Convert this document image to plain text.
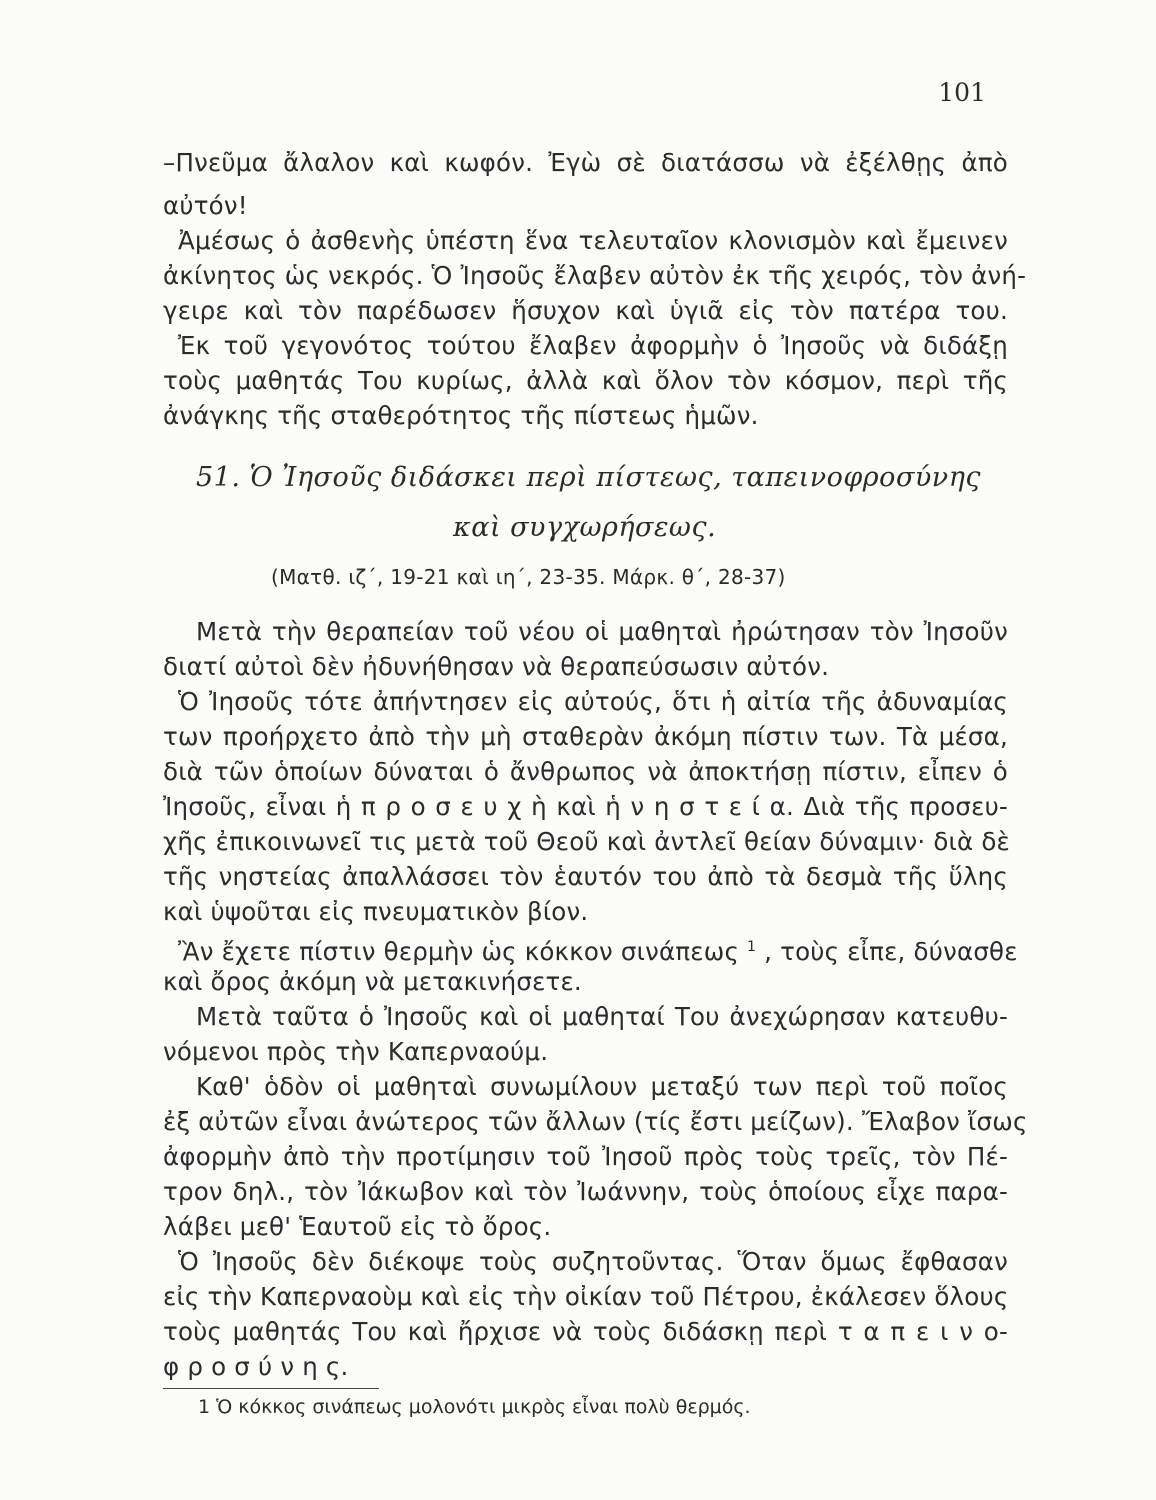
101
–Πνεῦμα ἄλαλον καὶ κωφόν. Ἐγὼ σὲ διατάσσω νὰ ἐξέλθῃς ἀπὸ
αὐτόν!
Ἀμέσως ὁ ἀσθενὴς ὑπέστη ἕνα τελευταῖον κλονισμὸν καὶ ἔμεινεν
ἀκίνητος ὡς νεκρός. Ὁ Ἰησοῦς ἔλαβεν αὐτὸν ἐκ τῆς χειρός, τὸν ἀνή-
γειρε καὶ τὸν παρέδωσεν ἥσυχον καὶ ὑγιᾶ εἰς τὸν πατέρα του.
Ἐκ τοῦ γεγονότος τούτου ἔλαβεν ἀφορμὴν ὁ Ἰησοῦς νὰ διδάξῃ
τοὺς μαθητάς Του κυρίως, ἀλλὰ καὶ ὅλον τὸν κόσμον, περὶ τῆς
ἀνάγκης τῆς σταθερότητος τῆς πίστεως ἡμῶν.
51. Ὁ Ἰησοῦς διδάσκει περὶ πίστεως, ταπεινοφροσύνης
καὶ συγχωρήσεως.
(Ματθ. ιζ΄, 19-21 καὶ ιη΄, 23-35. Μάρκ. θ΄, 28-37)
Μετὰ τὴν θεραπείαν τοῦ νέου οἱ μαθηταὶ ἠρώτησαν τὸν Ἰησοῦν
διατί αὐτοὶ δὲν ἠδυνήθησαν νὰ θεραπεύσωσιν αὐτόν.
Ὁ Ἰησοῦς τότε ἀπήντησεν εἰς αὐτούς, ὅτι ἡ αἰτία τῆς ἀδυναμίας
των προήρχετο ἀπὸ τὴν μὴ σταθερὰν ἀκόμη πίστιν των. Τὰ μέσα,
διὰ τῶν ὁποίων δύναται ὁ ἄνθρωπος νὰ ἀποκτήσῃ πίστιν, εἶπεν ὁ
Ἰησοῦς, εἶναι ἡ π ρ ο σ ε υ χ ὴ καὶ ἡ ν η σ τ ε ί α. Διὰ τῆς προσευ-
χῆς ἐπικοινωνεῖ τις μετὰ τοῦ Θεοῦ καὶ ἀντλεῖ θείαν δύναμιν· διὰ δὲ
τῆς νηστείας ἀπαλλάσσει τὸν ἑαυτόν του ἀπὸ τὰ δεσμὰ τῆς ὕλης
καὶ ὑψοῦται εἰς πνευματικὸν βίον.
Ἂν ἔχετε πίστιν θερμὴν ὡς κόκκον σινάπεως $^1$ , τοὺς εἶπε, δύνασθε
καὶ ὄρος ἀκόμη νὰ μετακινήσετε.
Μετὰ ταῦτα ὁ Ἰησοῦς καὶ οἱ μαθηταί Του ἀνεχώρησαν κατευθυ-
νόμενοι πρὸς τὴν Καπερναούμ.
Καθ' ὁδὸν οἱ μαθηταὶ συνωμίλουν μεταξύ των περὶ τοῦ ποῖος
ἐξ αὐτῶν εἶναι ἀνώτερος τῶν ἄλλων (τίς ἔστι μείζων). Ἔλαβον ἴσως
ἀφορμὴν ἀπὸ τὴν προτίμησιν τοῦ Ἰησοῦ πρὸς τοὺς τρεῖς, τὸν Πέ-
τρον δηλ., τὸν Ἰάκωβον καὶ τὸν Ἰωάννην, τοὺς ὁποίους εἶχε παρα-
λάβει μεθ' Ἑαυτοῦ εἰς τὸ ὄρος.
Ὁ Ἰησοῦς δὲν διέκοψε τοὺς συζητοῦντας. Ὅταν ὅμως ἔφθασαν
εἰς τὴν Καπερναοὺμ καὶ εἰς τὴν οἰκίαν τοῦ Πέτρου, ἐκάλεσεν ὅλους
τοὺς μαθητάς Του καὶ ἤρχισε νὰ τοὺς διδάσκῃ περὶ τ α π ε ι ν ο-
φ ρ ο σ ύ ν η ς.
1 Ὁ κόκκος σινάπεως μολονότι μικρὸς εἶναι πολὺ θερμός.
